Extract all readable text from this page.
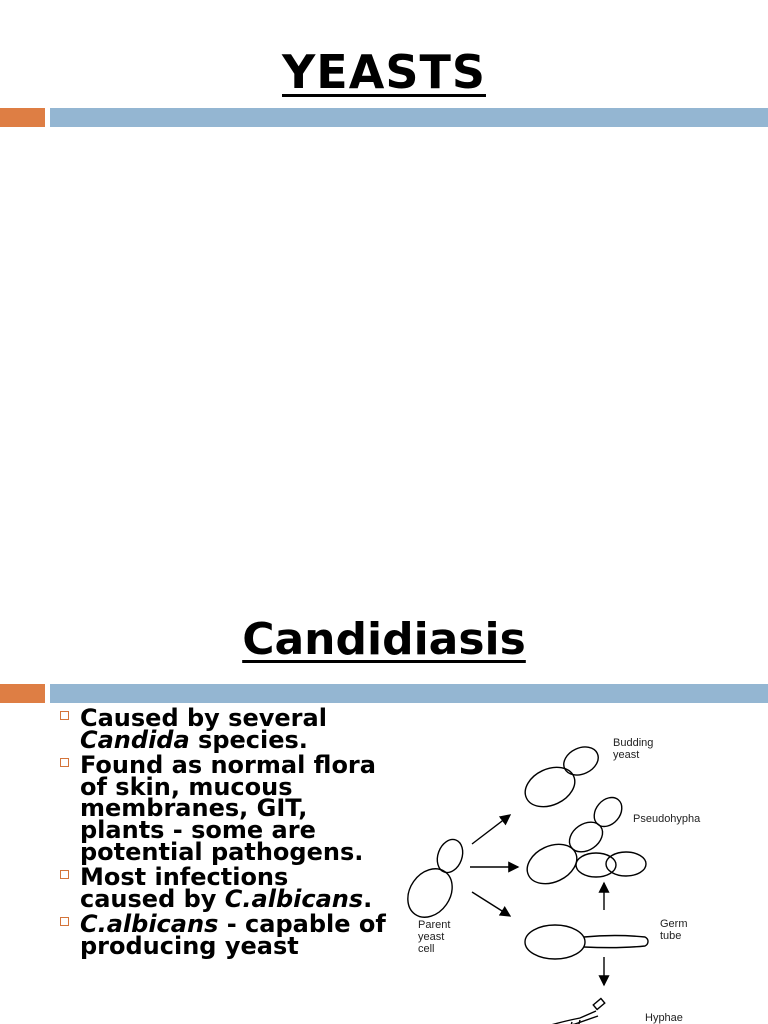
YEASTS
Candidiasis
Caused by several Candida species.
Found as normal flora of skin, mucous membranes, GIT, plants - some are potential pathogens.
Most infections caused by C.albicans.
C.albicans - capable of producing yeast
Budding yeast
Pseudohypha
Parent yeast cell
Germ tube
Hyphae
